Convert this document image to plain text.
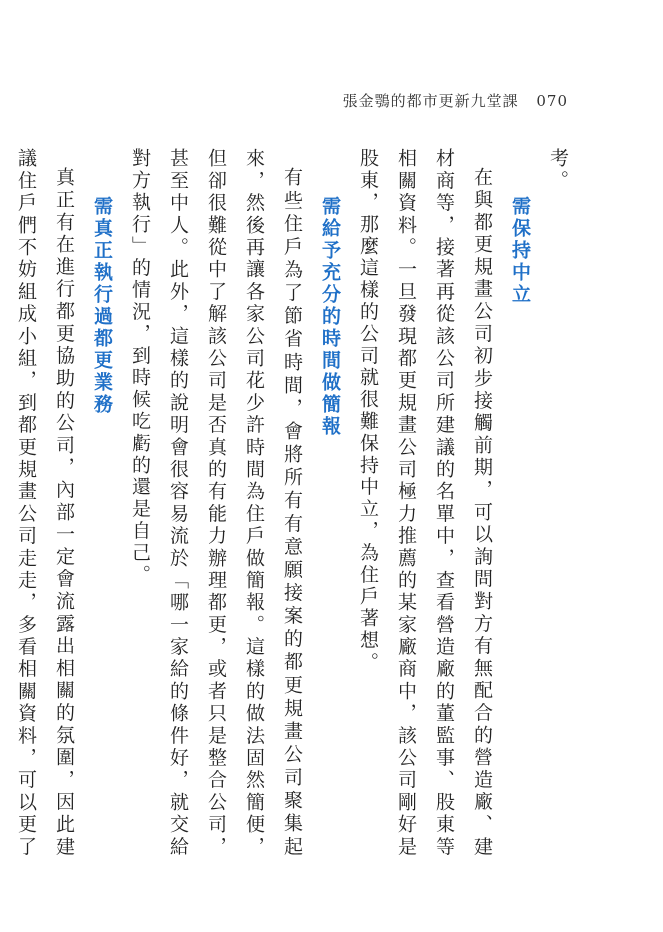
張金鶚的都市更新九堂課 070

考。

需保持中立

在與都更規畫公司初步接觸前期，可以詢問對方有無配合的營造廠、建材商等，接著再從該公司所建議的名單中，查看營造廠的董監事、股東等相關資料。一旦發現都更規畫公司極力推薦的某家廠商中，該公司剛好是股東，那麼這樣的公司就很難保持中立，為住戶著想。

需給予充分的時間做簡報

有些住戶為了節省時間，會將所有有意願接案的都更規畫公司聚集起來，然後再讓各家公司花少許時間為住戶做簡報。這樣的做法固然簡便，但卻很難從中了解該公司是否真的有能力辦理都更，或者只是整合公司，甚至中人。此外，這樣的說明會很容易流於「哪一家給的條件好，就交給對方執行」的情況，到時候吃虧的還是自己。

需真正執行過都更業務

真正有在進行都更協助的公司，內部一定會流露出相關的氛圍，因此建議住戶們不妨組成小組，到都更規畫公司走走，多看相關資料，可以更了
